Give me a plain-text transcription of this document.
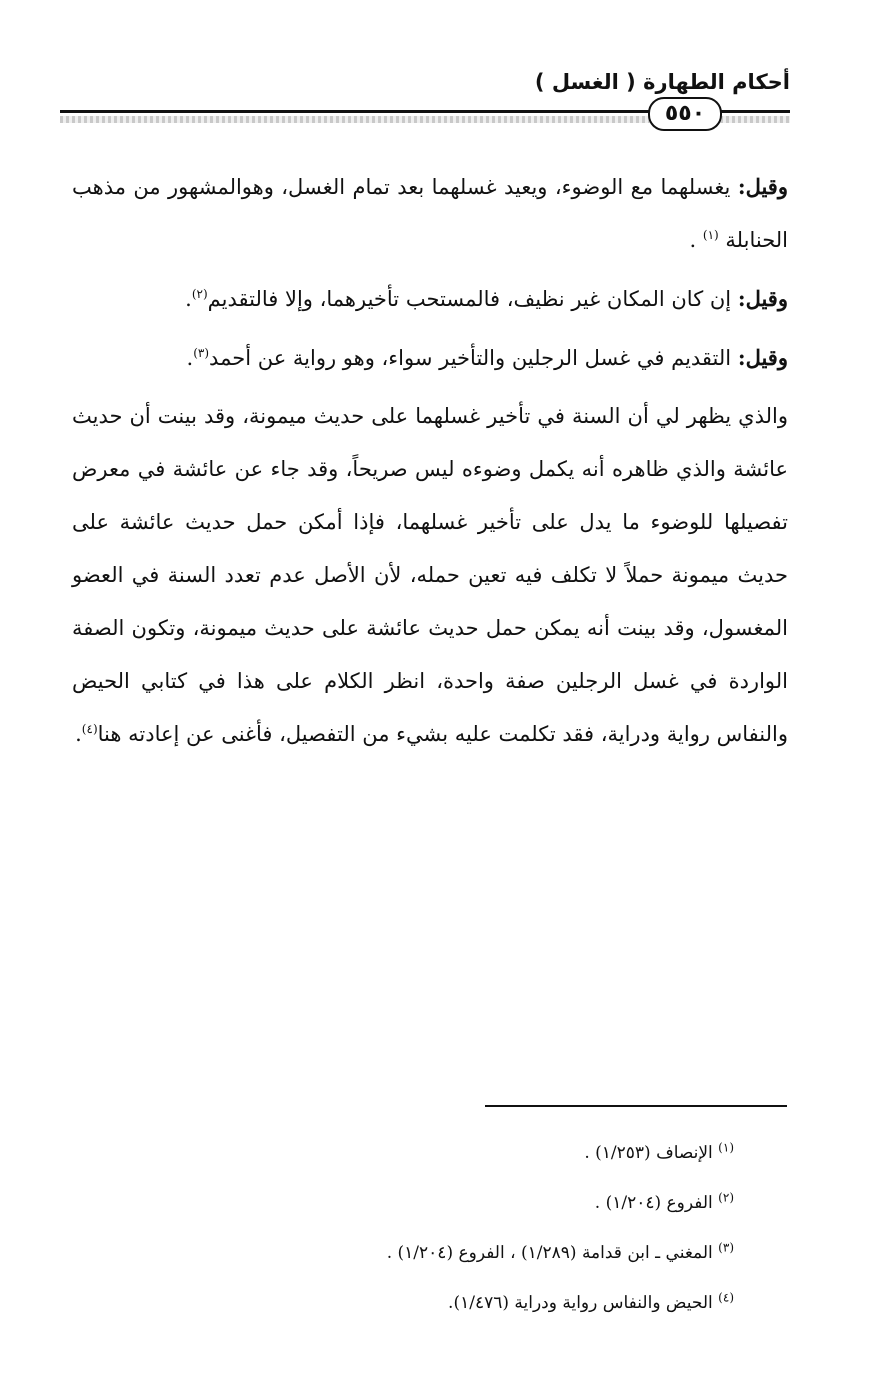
أحكام الطهارة ( الغسل )
٥٥٠

وقيل: يغسلهما مع الوضوء، ويعيد غسلهما بعد تمام الغسل، وهوالمشهور من مذهب الحنابلة $^{(١)}$ .

وقيل: إن كان المكان غير نظيف، فالمستحب تأخيرهما، وإلا فالتقديم$^{(٢)}$.

وقيل: التقديم في غسل الرجلين والتأخير سواء، وهو رواية عن أحمد$^{(٣)}$.

والذي يظهر لي أن السنة في تأخير غسلهما على حديث ميمونة، وقد بينت أن حديث عائشة والذي ظاهره أنه يكمل وضوءه ليس صريحاً، وقد جاء عن عائشة في معرض تفصيلها للوضوء ما يدل على تأخير غسلهما، فإذا أمكن حمل حديث عائشة على حديث ميمونة حملاً لا تكلف فيه تعين حمله، لأن الأصل عدم تعدد السنة في العضو المغسول، وقد بينت أنه يمكن حمل حديث عائشة على حديث ميمونة، وتكون الصفة الواردة في غسل الرجلين صفة واحدة، انظر الكلام على هذا في كتابي الحيض والنفاس رواية ودراية، فقد تكلمت عليه بشيء من التفصيل، فأغنى عن إعادته هنا$^{(٤)}$.

$^{(١)}$ الإنصاف (١/٢٥٣) .
$^{(٢)}$ الفروع (١/٢٠٤) .
$^{(٣)}$ المغني ـ ابن قدامة (١/٢٨٩) ، الفروع (١/٢٠٤) .
$^{(٤)}$ الحيض والنفاس رواية ودراية (١/٤٧٦).
